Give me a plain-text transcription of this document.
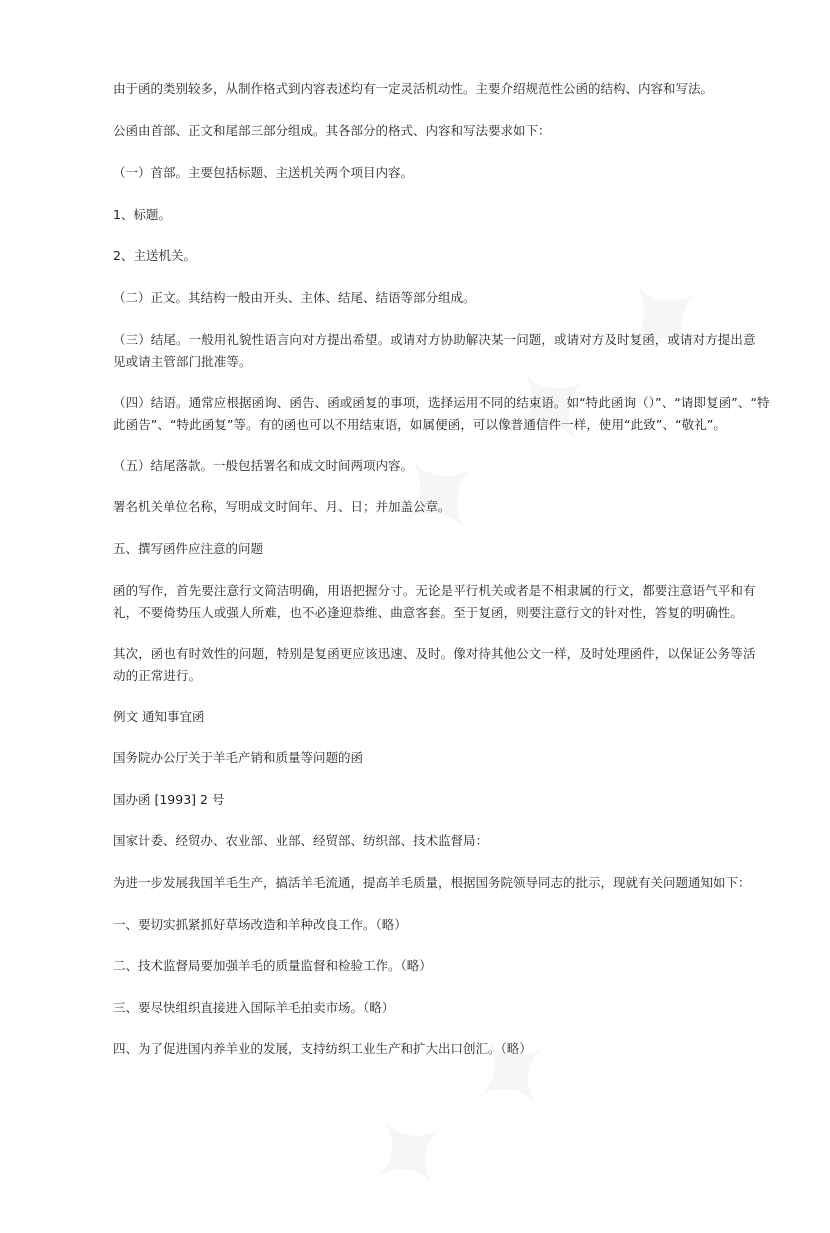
由于函的类别较多，从制作格式到内容表述均有一定灵活机动性。主要介绍规范性公函的结构、内容和写法。
公函由首部、正文和尾部三部分组成。其各部分的格式、内容和写法要求如下：
（一）首部。主要包括标题、主送机关两个项目内容。
1、标题。
2、主送机关。
（二）正文。其结构一般由开头、主体、结尾、结语等部分组成。
（三）结尾。一般用礼貌性语言向对方提出希望。或请对方协助解决某一问题，或请对方及时复函，或请对方提出意
见或请主管部门批准等。
（四）结语。通常应根据函询、函告、函或函复的事项，选择运用不同的结束语。如“特此函询（）”、“请即复函”、“特
此函告”、“特此函复”等。有的函也可以不用结束语，如属便函，可以像普通信件一样，使用“此致”、“敬礼”。
（五）结尾落款。一般包括署名和成文时间两项内容。
署名机关单位名称，写明成文时间年、月、日；并加盖公章。
五、撰写函件应注意的问题
函的写作，首先要注意行文简洁明确，用语把握分寸。无论是平行机关或者是不相隶属的行文，都要注意语气平和有
礼，不要倚势压人或强人所难，也不必逢迎恭维、曲意客套。至于复函，则要注意行文的针对性，答复的明确性。
其次，函也有时效性的问题，特别是复函更应该迅速、及时。像对待其他公文一样，及时处理函件，以保证公务等活
动的正常进行。
例文 通知事宜函
国务院办公厅关于羊毛产销和质量等问题的函
国办函 [1993] 2 号
国家计委、经贸办、农业部、业部、经贸部、纺织部、技术监督局：
为进一步发展我国羊毛生产，搞活羊毛流通，提高羊毛质量，根据国务院领导同志的批示，现就有关问题通知如下：
一、要切实抓紧抓好草场改造和羊种改良工作。（略）
二、技术监督局要加强羊毛的质量监督和检验工作。（略）
三、要尽快组织直接进入国际羊毛拍卖市场。（略）
四、为了促进国内养羊业的发展，支持纺织工业生产和扩大出口创汇。（略）
